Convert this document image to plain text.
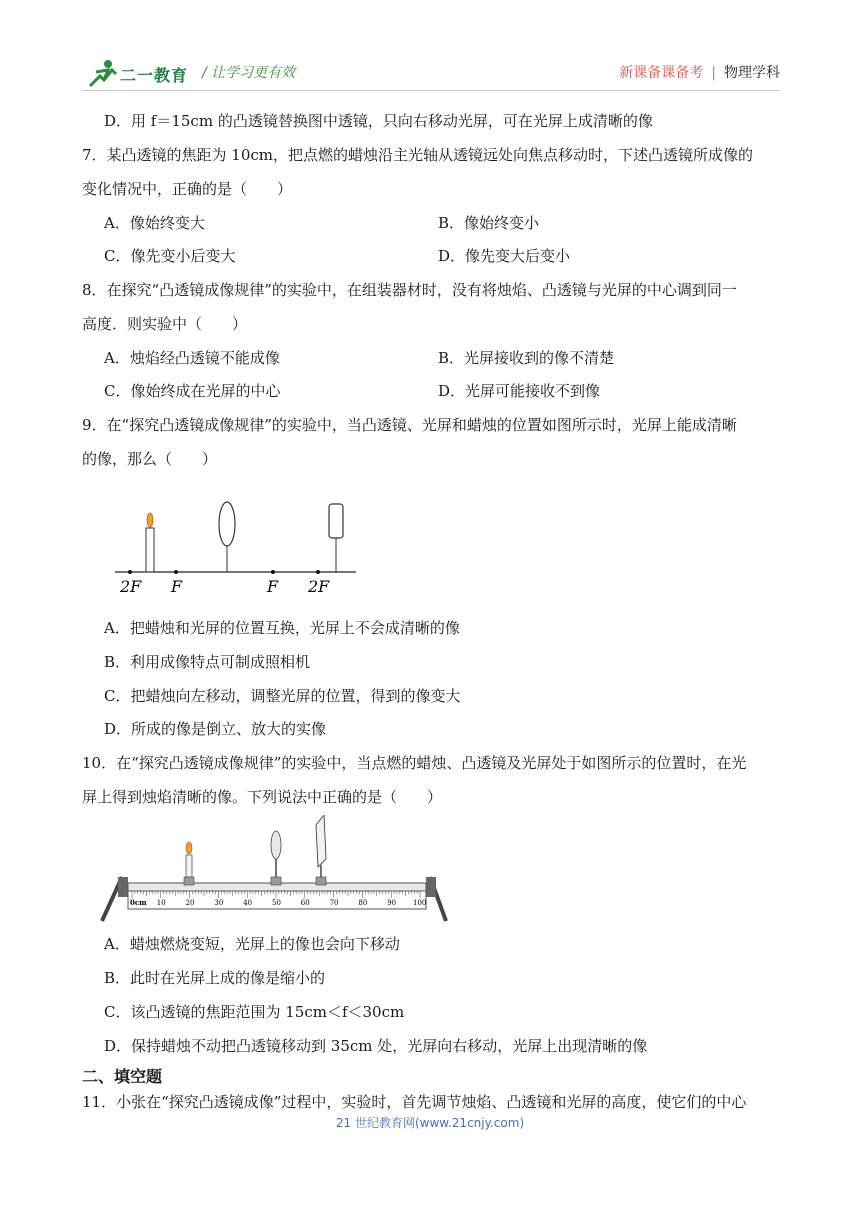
二一教育 / 让学习更有效	新课备课备考 | 物理学科
D．用 f＝15cm 的凸透镜替换图中透镜，只向右移动光屏，可在光屏上成清晰的像
7．某凸透镜的焦距为 10cm，把点燃的蜡烛沿主光轴从透镜远处向焦点移动时，下述凸透镜所成像的
变化情况中，正确的是（　　）
A．像始终变大	B．像始终变小
C．像先变小后变大	D．像先变大后变小
8．在探究“凸透镜成像规律”的实验中，在组装器材时，没有将烛焰、凸透镜与光屏的中心调到同一
高度．则实验中（　　）
A．烛焰经凸透镜不能成像	B．光屏接收到的像不清楚
C．像始终成在光屏的中心	D．光屏可能接收不到像
9．在“探究凸透镜成像规律”的实验中，当凸透镜、光屏和蜡烛的位置如图所示时，光屏上能成清晰
的像，那么（　　）
2F F	F 2F
A．把蜡烛和光屏的位置互换，光屏上不会成清晰的像
B．利用成像特点可制成照相机
C．把蜡烛向左移动，调整光屏的位置，得到的像变大
D．所成的像是倒立、放大的实像
10．在“探究凸透镜成像规律”的实验中，当点燃的蜡烛、凸透镜及光屏处于如图所示的位置时，在光
屏上得到烛焰清晰的像。下列说法中正确的是（　　）
0cm 10	20	30	40	50	60	70	80	90 100
A．蜡烛燃烧变短，光屏上的像也会向下移动
B．此时在光屏上成的像是缩小的
C．该凸透镜的焦距范围为 15cm＜f＜30cm
D．保持蜡烛不动把凸透镜移动到 35cm 处，光屏向右移动，光屏上出现清晰的像
二、填空题
11．小张在“探究凸透镜成像”过程中，实验时，首先调节烛焰、凸透镜和光屏的高度，使它们的中心
21 世纪教育网(www.21cnjy.com)
